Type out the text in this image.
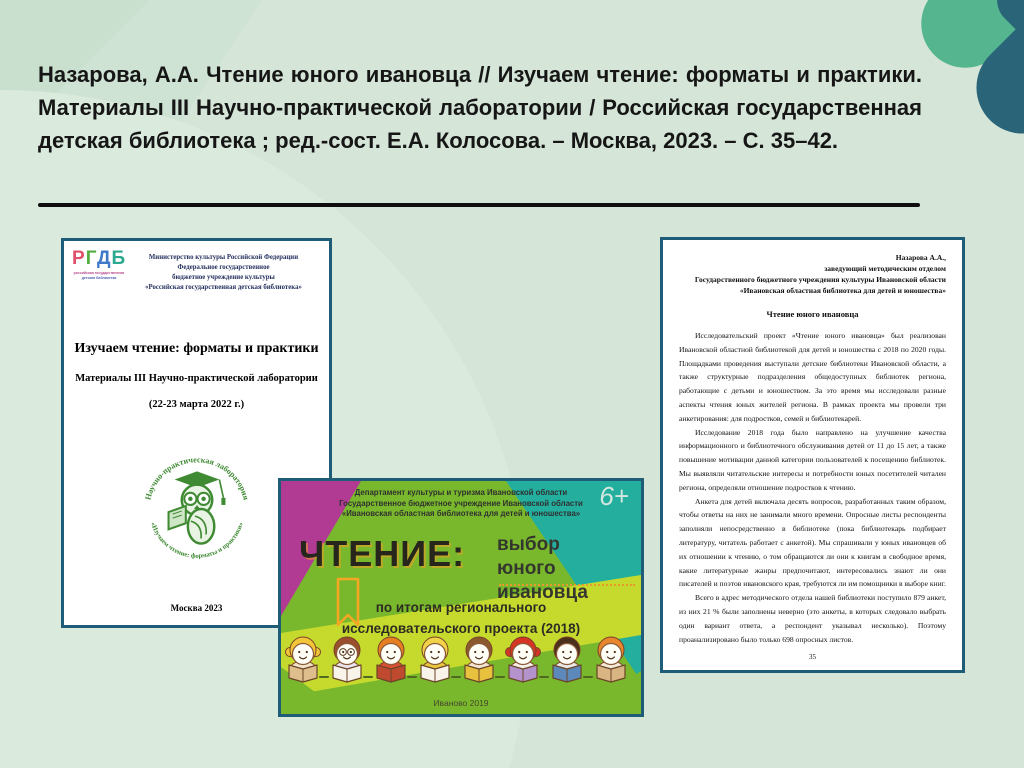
Назарова, А.А. Чтение юного ивановца // Изучаем чтение: форматы и практики. Материалы III Научно-практической лаборатории / Российская государственная детская библиотека ; ред.-сост. Е.А. Колосова. – Москва, 2023. – С. 35–42.
РГДБ
российская государственная
детская библиотека
Министерство культуры Российской Федерации
Федеральное государственное
бюджетное учреждение культуры
«Российская государственная детская библиотека»
Изучаем чтение: форматы и практики
Материалы III Научно-практической лаборатории
(22-23 марта 2022 г.)
Научно-практическая лаборатория
«Изучаем чтение: форматы и практики»
Москва 2023
Департамент культуры и туризма Ивановской области
Государственное бюджетное учреждение Ивановской области
«Ивановская областная библиотека для детей и юношества»
6+
ЧТЕНИЕ: выбор
юного ивановца
по итогам регионального
исследовательского проекта (2018)
Иваново 2019
Назарова А.А.,
заведующий методическим отделом
Государственного бюджетного учреждения культуры Ивановской области
«Ивановская областная библиотека для детей и юношества»
Чтение юного ивановца

Исследовательский проект «Чтение юного ивановца» был реализован Ивановской областной библиотекой для детей и юношества с 2018 по 2020 годы. Площадками проведения выступали детские библиотеки Ивановской области, а также структурные подразделения общедоступных библиотек региона, работающие с детьми и юношеством. За это время мы исследовали разные аспекты чтения юных жителей региона. В рамках проекта мы провели три анкетирования: для подростков, семей и библиотекарей.

Исследование 2018 года было направлено на улучшение качества информационного и библиотечного обслуживания детей от 11 до 15 лет, а также повышение мотивации данной категории пользователей к посещению библиотек. Мы выявляли читательские интересы и потребности юных посетителей читален региона, определяли отношение подростков к чтению.

Анкета для детей включала десять вопросов, разработанных таким образом, чтобы ответы на них не занимали много времени. Опросные листы респонденты заполняли непосредственно в библиотеке (пока библиотекарь подбирает литературу, читатель работает с анкетой). Мы спрашивали у юных ивановцев об их отношении к чтению, о том обращаются ли они к книгам в свободное время, какие литературные жанры предпочитают, интересовались знают ли они писателей и поэтов ивановского края, требуются ли им помощники в выборе книг.

Всего в адрес методического отдела нашей библиотеки поступило 879 анкет, из них 21 % были заполнены неверно (это анкеты, в которых следовало выбрать один вариант ответа, а респондент указывал несколько). Поэтому проанализировано было только 698 опросных листов.

35
